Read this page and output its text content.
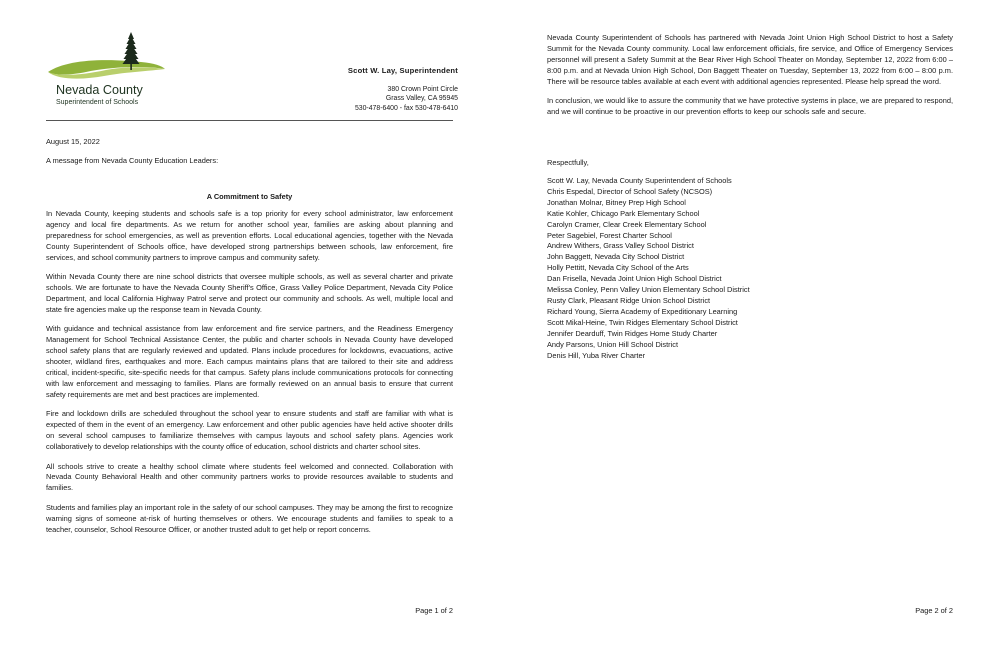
Nevada County
Superintendent of Schools
Scott W. Lay, Superintendent
380 Crown Point Circle
Grass Valley, CA 95945
530-478-6400 - fax 530-478-6410
August 15, 2022
A message from Nevada County Education Leaders:
A Commitment to Safety

In Nevada County, keeping students and schools safe is a top priority for every school administrator, law enforcement agency and local fire departments. As we return for another school year, families are asking about planning and preparedness for school emergencies, as well as prevention efforts. Local educational agencies, together with the Nevada County Superintendent of Schools office, have developed strong partnerships between schools, law enforcement, fire services, and school community partners to improve campus and community safety.

Within Nevada County there are nine school districts that oversee multiple schools, as well as several charter and private schools. We are fortunate to have the Nevada County Sheriff's Office, Grass Valley Police Department, Nevada City Police Department, and local California Highway Patrol serve and protect our community and schools. As well, multiple local and state fire agencies make up the response team in Nevada County.

With guidance and technical assistance from law enforcement and fire service partners, and the Readiness Emergency Management for School Technical Assistance Center, the public and charter schools in Nevada County have developed school safety plans that are regularly reviewed and updated. Plans include procedures for lockdowns, evacuations, active shooter, wildland fires, earthquakes and more. Each campus maintains plans that are tailored to their site and address critical, incident-specific, site-specific needs for that campus. Safety plans include communications protocols for connecting with law enforcement and messaging to families. Plans are formally reviewed on an annual basis to ensure that current safety requirements are met and best practices are implemented.

Fire and lockdown drills are scheduled throughout the school year to ensure students and staff are familiar with what is expected of them in the event of an emergency. Law enforcement and other public agencies have held active shooter drills on several school campuses to familiarize themselves with campus layouts and school safety plans. Agencies work collaboratively to develop relationships with the county office of education, school districts and charter school sites.

All schools strive to create a healthy school climate where students feel welcomed and connected. Collaboration with Nevada County Behavioral Health and other community partners works to provide resources available to students and families.

Students and families play an important role in the safety of our school campuses. They may be among the first to recognize warning signs of someone at-risk of hurting themselves or others. We encourage students and families to speak to a teacher, counselor, School Resource Officer, or another trusted adult to get help or report concerns.

Page 1 of 2

Nevada County Superintendent of Schools has partnered with Nevada Joint Union High School District to host a Safety Summit for the Nevada County community. Local law enforcement officials, fire service, and Office of Emergency Services personnel will present a Safety Summit at the Bear River High School Theater on Monday, September 12, 2022 from 6:00 – 8:00 p.m. and at Nevada Union High School, Don Baggett Theater on Tuesday, September 13, 2022 from 6:00 – 8:00 p.m. There will be resource tables available at each event with additional agencies represented. Please help spread the word.

In conclusion, we would like to assure the community that we have protective systems in place, we are prepared to respond, and we will continue to be proactive in our prevention efforts to keep our schools safe and secure.

Respectfully,
Scott W. Lay, Nevada County Superintendent of Schools
Chris Espedal, Director of School Safety (NCSOS)
Jonathan Molnar, Bitney Prep High School
Katie Kohler, Chicago Park Elementary School
Carolyn Cramer, Clear Creek Elementary School
Peter Sagebiel, Forest Charter School
Andrew Withers, Grass Valley School District
John Baggett, Nevada City School District
Holly Pettitt, Nevada City School of the Arts
Dan Frisella, Nevada Joint Union High School District
Melissa Conley, Penn Valley Union Elementary School District
Rusty Clark, Pleasant Ridge Union School District
Richard Young, Sierra Academy of Expeditionary Learning
Scott Mikal-Heine, Twin Ridges Elementary School District
Jennifer Dearduff, Twin Ridges Home Study Charter
Andy Parsons, Union Hill School District
Denis Hill, Yuba River Charter
Page 2 of 2
